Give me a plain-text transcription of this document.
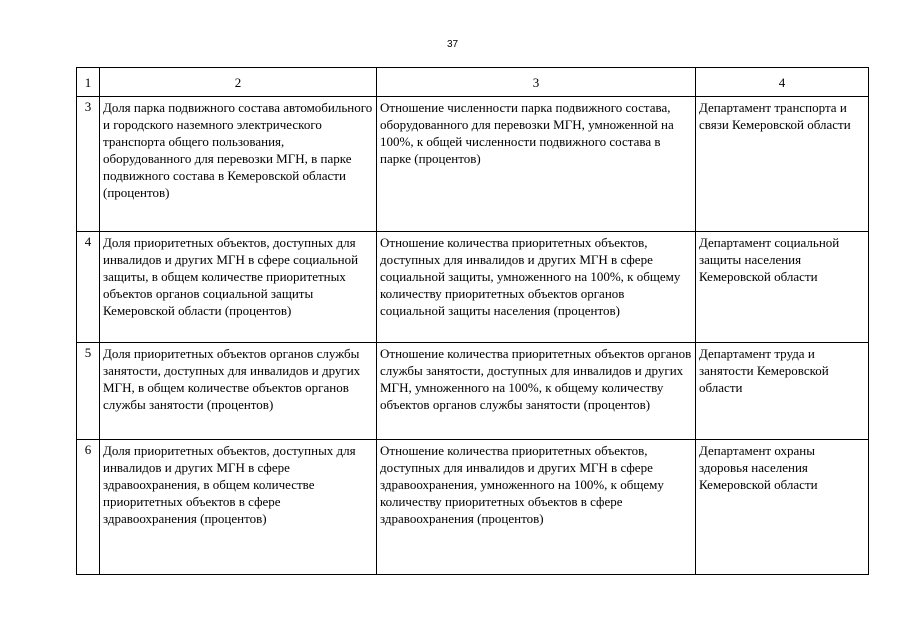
37
1	2	3	4
3	Доля парка подвижного состава автомобильного и городского наземного электрического транспорта общего пользования, оборудованного для перевозки МГН, в парке подвижного состава в Кемеровской области (процентов)	Отношение численности парка подвижного состава, оборудованного для перевозки МГН, умноженной на 100%, к общей численности подвижного состава в парке (процентов)	Департамент транспорта и связи Кемеровской области
4	Доля приоритетных объектов, доступных для инвалидов и других МГН в сфере социальной защиты, в общем количестве приоритетных объектов органов социальной защиты Кемеровской области (процентов)	Отношение количества приоритетных объектов, доступных для инвалидов и других МГН в сфере социальной защиты, умноженного на 100%, к общему количеству приоритетных объектов органов социальной защиты населения (процентов)	Департамент социальной защиты населения Кемеровской области
5	Доля приоритетных объектов органов службы занятости, доступных для инвалидов и других МГН, в общем количестве объектов органов службы занятости (процентов)	Отношение количества приоритетных объектов органов службы занятости, доступных для инвалидов и других МГН, умноженного на 100%, к общему количеству объектов органов службы занятости (процентов)	Департамент труда и занятости Кемеровской области
6	Доля приоритетных объектов, доступных для инвалидов и других МГН в сфере здравоохранения, в общем количестве приоритетных объектов в сфере здравоохранения (процентов)	Отношение количества приоритетных объектов, доступных для инвалидов и других МГН в сфере здравоохранения, умноженного на 100%, к общему количеству приоритетных объектов в сфере здравоохранения (процентов)	Департамент охраны здоровья населения Кемеровской области
